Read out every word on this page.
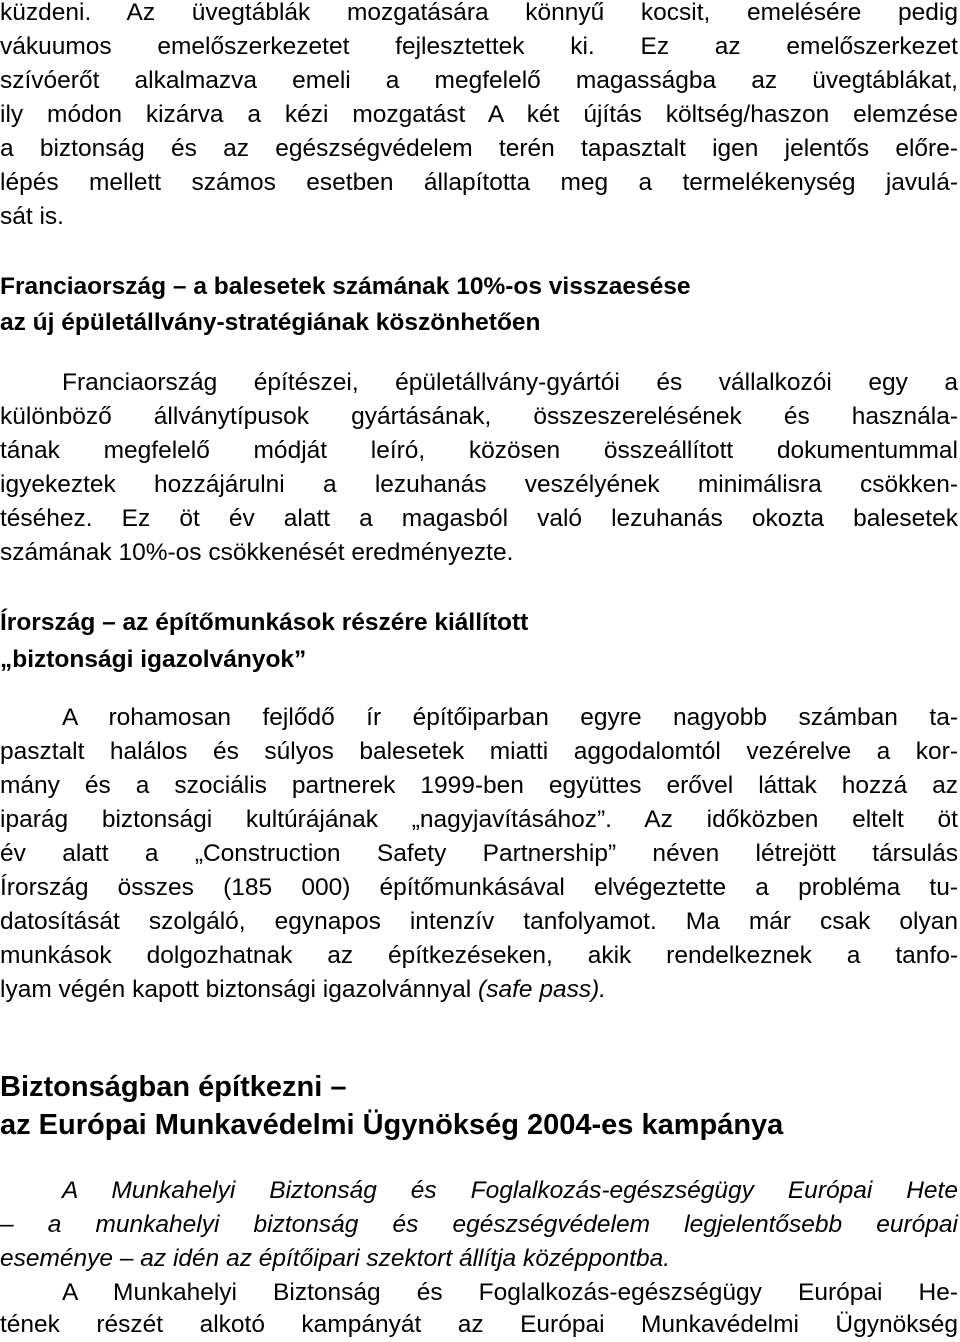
küzdeni. Az üvegtáblák mozgatására könnyű kocsit, emelésére pedig
vákuumos emelőszerkezetet fejlesztettek ki. Ez az emelőszerkezet
szívóerőt alkalmazva emeli a megfelelő magasságba az üvegtáblákat,
ily módon kizárva a kézi mozgatást A két újítás költség/haszon elemzése
a biztonság és az egészségvédelem terén tapasztalt igen jelentős előre-
lépés mellett számos esetben állapította meg a termelékenység javulá-
sát is.
Franciaország – a balesetek számának 10%-os visszaesése
az új épületállvány-stratégiának köszönhetően
Franciaország építészei, épületállvány-gyártói és vállalkozói egy a
különböző állványtípusok gyártásának, összeszerelésének és használa-
tának megfelelő módját leíró, közösen összeállított dokumentummal
igyekeztek hozzájárulni a lezuhanás veszélyének minimálisra csökken-
téséhez. Ez öt év alatt a magasból való lezuhanás okozta balesetek
számának 10%-os csökkenését eredményezte.
Írország – az építőmunkások részére kiállított
„biztonsági igazolványok”
A rohamosan fejlődő ír építőiparban egyre nagyobb számban ta-
pasztalt halálos és súlyos balesetek miatti aggodalomtól vezérelve a kor-
mány és a szociális partnerek 1999-ben együttes erővel láttak hozzá az
iparág biztonsági kultúrájának „nagyjavításához”. Az időközben eltelt öt
év alatt a „Construction Safety Partnership” néven létrejött társulás
Írország összes (185 000) építőmunkásával elvégeztette a probléma tu-
datosítását szolgáló, egynapos intenzív tanfolyamot. Ma már csak olyan
munkások dolgozhatnak az építkezéseken, akik rendelkeznek a tanfo-
lyam végén kapott biztonsági igazolvánnyal (safe pass).
Biztonságban építkezni –
az Európai Munkavédelmi Ügynökség 2004-es kampánya
A Munkahelyi Biztonság és Foglalkozás-egészségügy Európai Hete
– a munkahelyi biztonság és egészségvédelem legjelentősebb európai
eseménye – az idén az építőipari szektort állítja középpontba.
A Munkahelyi Biztonság és Foglalkozás-egészségügy Európai He-
tének részét alkotó kampányát az Európai Munkavédelmi Ügynökség
